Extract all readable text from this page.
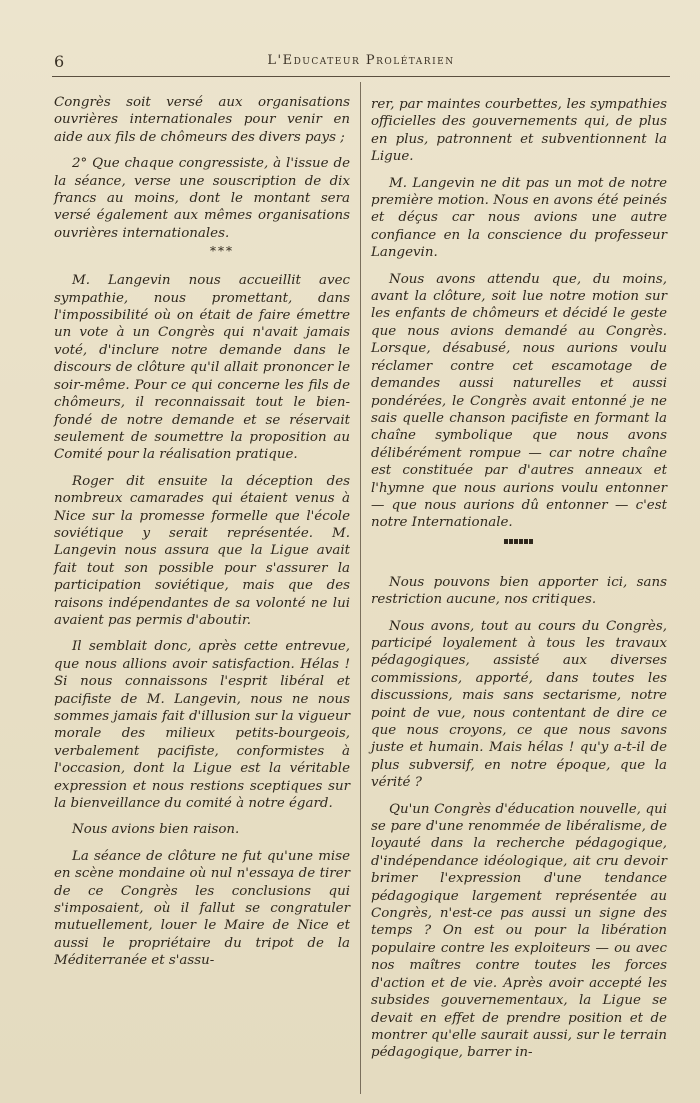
6	L'Educateur Prolétarien

Congrès soit versé aux organisations ouvrières internationales pour venir en aide aux fils de chômeurs des divers pays ;

2° Que chaque congressiste, à l'issue de la séance, verse une souscription de dix francs au moins, dont le montant sera versé également aux mêmes organisations ouvrières internationales.

***

M. Langevin nous accueillit avec sympathie, nous promettant, dans l'impossibilité où on était de faire émettre un vote à un Congrès qui n'avait jamais voté, d'inclure notre demande dans le discours de clôture qu'il allait prononcer le soir-même. Pour ce qui concerne les fils de chômeurs, il reconnaissait tout le bien-fondé de notre demande et se réservait seulement de soumettre la proposition au Comité pour la réalisation pratique.

Roger dit ensuite la déception des nombreux camarades qui étaient venus à Nice sur la promesse formelle que l'école soviétique y serait représentée. M. Langevin nous assura que la Ligue avait fait tout son possible pour s'assurer la participation soviétique, mais que des raisons indépendantes de sa volonté ne lui avaient pas permis d'aboutir.

Il semblait donc, après cette entrevue, que nous allions avoir satisfaction. Hélas ! Si nous connaissons l'esprit libéral et pacifiste de M. Langevin, nous ne nous sommes jamais fait d'illusion sur la vigueur morale des milieux petits-bourgeois, verbalement pacifiste, conformistes à l'occasion, dont la Ligue est la véritable expression et nous restions sceptiques sur la bienveillance du comité à notre égard.

Nous avions bien raison.

La séance de clôture ne fut qu'une mise en scène mondaine où nul n'essaya de tirer de ce Congrès les conclusions qui s'imposaient, où il fallut se congratuler mutuellement, louer le Maire de Nice et aussi le propriétaire du tripot de la Méditerranée et s'assu-

rer, par maintes courbettes, les sympathies officielles des gouvernements qui, de plus en plus, patronnent et subventionnent la Ligue.

M. Langevin ne dit pas un mot de notre première motion. Nous en avons été peinés et déçus car nous avions une autre confiance en la conscience du professeur Langevin.

Nous avons attendu que, du moins, avant la clôture, soit lue notre motion sur les enfants de chômeurs et décidé le geste que nous avions demandé au Congrès. Lorsque, désabusé, nous aurions voulu réclamer contre cet escamotage de demandes aussi naturelles et aussi pondérées, le Congrès avait entonné je ne sais quelle chanson pacifiste en formant la chaîne symbolique que nous avons délibérément rompue — car notre chaîne est constituée par d'autres anneaux et l'hymne que nous aurions voulu entonner — que nous aurions dû entonner — c'est notre Internationale.

Nous pouvons bien apporter ici, sans restriction aucune, nos critiques.

Nous avons, tout au cours du Congrès, participé loyalement à tous les travaux pédagogiques, assisté aux diverses commissions, apporté, dans toutes les discussions, mais sans sectarisme, notre point de vue, nous contentant de dire ce que nous croyons, ce que nous savons juste et humain. Mais hélas ! qu'y a-t-il de plus subversif, en notre époque, que la vérité ?

Qu'un Congrès d'éducation nouvelle, qui se pare d'une renommée de libéralisme, de loyauté dans la recherche pédagogique, d'indépendance idéologique, ait cru devoir brimer l'expression d'une tendance pédagogique largement représentée au Congrès, n'est-ce pas aussi un signe des temps ? On est ou pour la libération populaire contre les exploiteurs — ou avec nos maîtres contre toutes les forces d'action et de vie. Après avoir accepté les subsides gouvernementaux, la Ligue se devait en effet de prendre position et de montrer qu'elle saurait aussi, sur le terrain pédagogique, barrer in-
